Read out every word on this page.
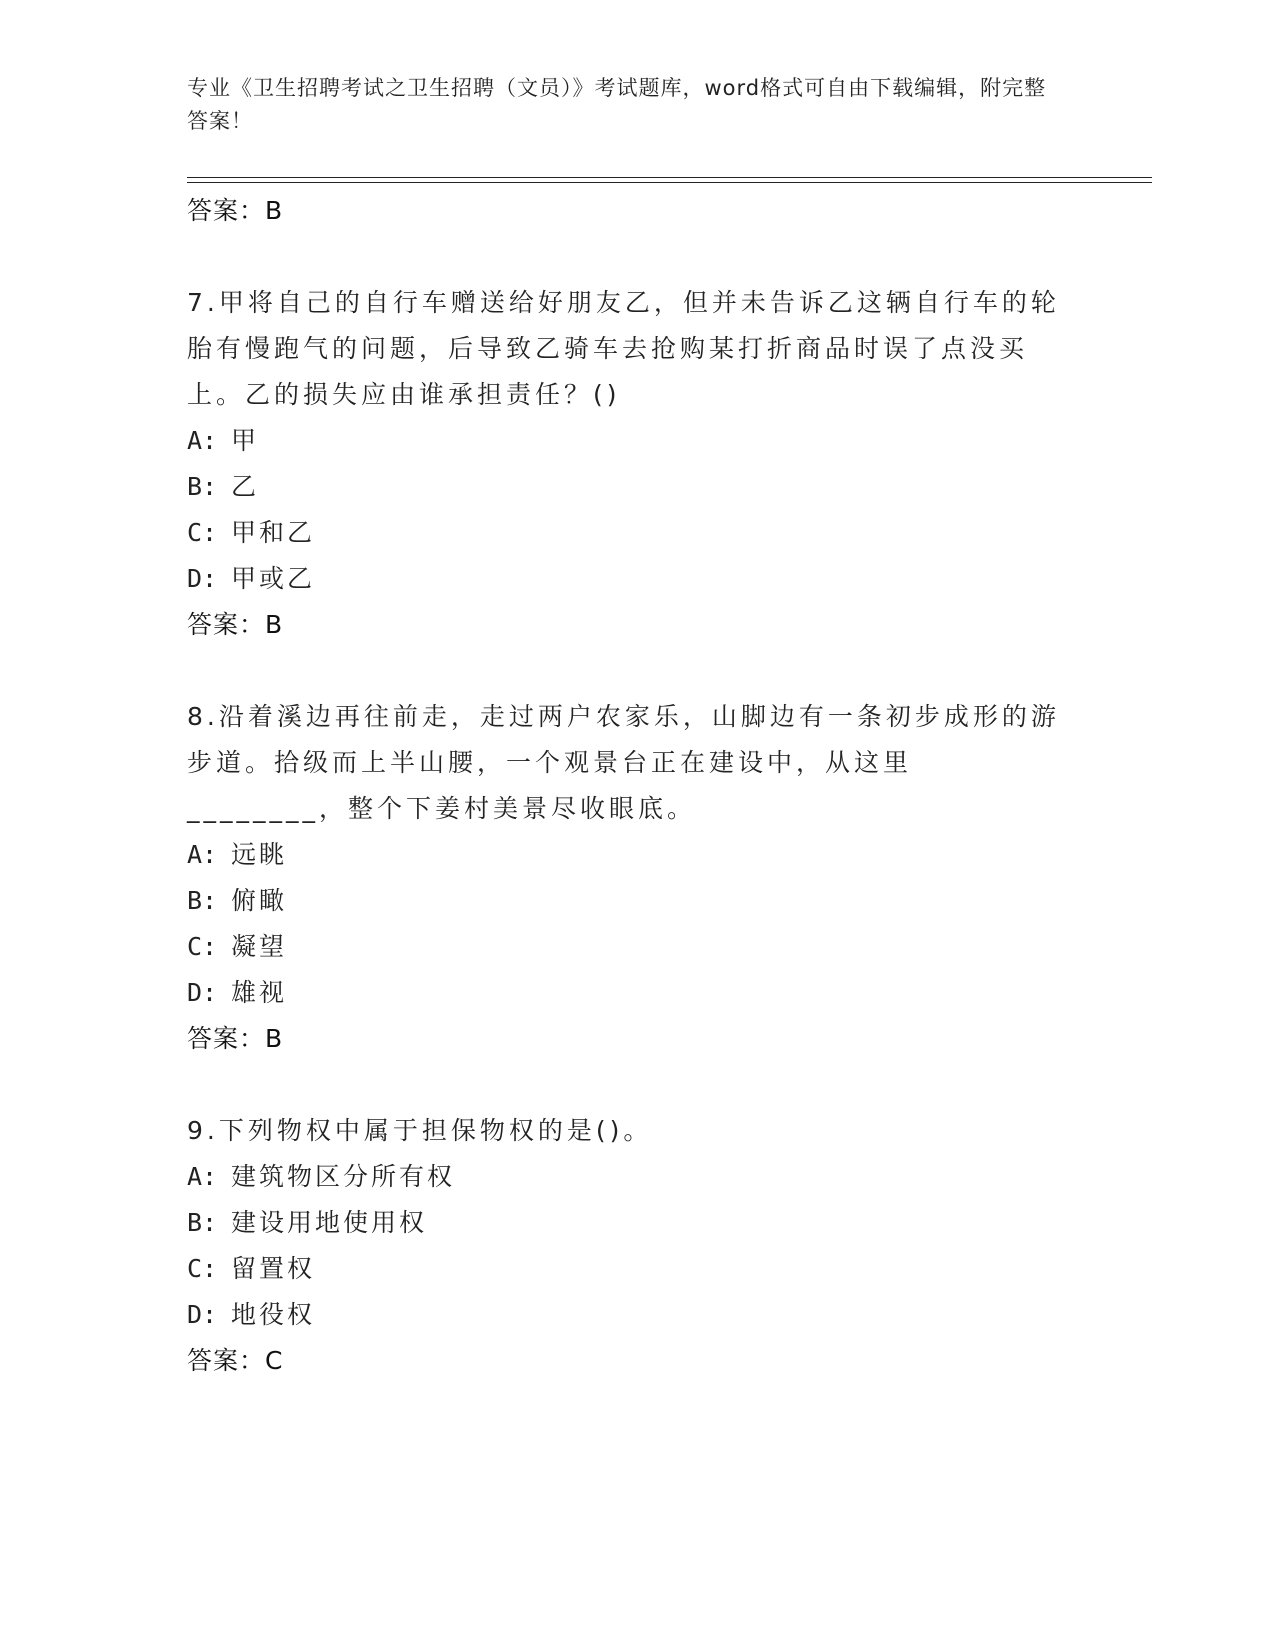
专业《卫生招聘考试之卫生招聘（文员）》考试题库，word格式可自由下载编辑，附完整答案！

答案：B

7.甲将自己的自行车赠送给好朋友乙，但并未告诉乙这辆自行车的轮胎有慢跑气的问题，后导致乙骑车去抢购某打折商品时误了点没买上。乙的损失应由谁承担责任？()

A: 甲

B: 乙

C: 甲和乙

D: 甲或乙

答案：B

8.沿着溪边再往前走，走过两户农家乐，山脚边有一条初步成形的游步道。拾级而上半山腰，一个观景台正在建设中，从这里________，整个下姜村美景尽收眼底。

A: 远眺

B: 俯瞰

C: 凝望

D: 雄视

答案：B

9.下列物权中属于担保物权的是()。

A: 建筑物区分所有权

B: 建设用地使用权

C: 留置权

D: 地役权

答案：C
